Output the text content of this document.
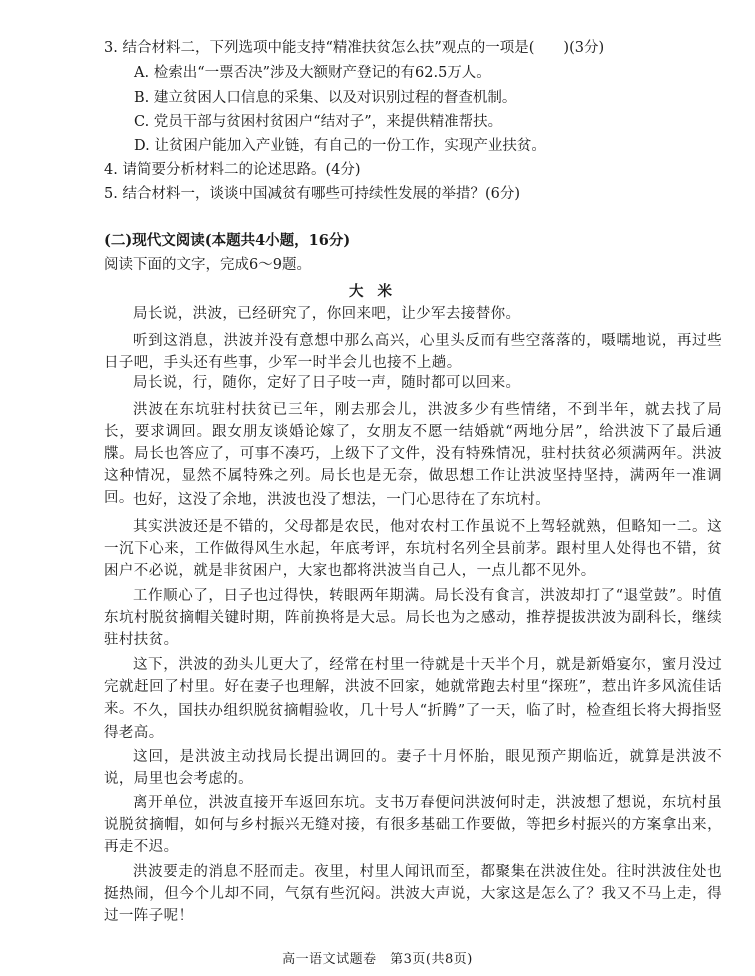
3. 结合材料二，下列选项中能支持“精准扶贫怎么扶”观点的一项是(　　)(3分)
A. 检索出“一票否决”涉及大额财产登记的有62.5万人。
B. 建立贫困人口信息的采集、以及对识别过程的督查机制。
C. 党员干部与贫困村贫困户“结对子”，来提供精准帮扶。
D. 让贫困户能加入产业链，有自己的一份工作，实现产业扶贫。
4. 请简要分析材料二的论述思路。(4分)
5. 结合材料一，谈谈中国减贫有哪些可持续性发展的举措？(6分)
(二)现代文阅读(本题共4小题，16分)
阅读下面的文字，完成6～9题。
大米
局长说，洪波，已经研究了，你回来吧，让少军去接替你。
听到这消息，洪波并没有意想中那么高兴，心里头反而有些空落落的，嗫嚅地说，再过些日子吧，手头还有些事，少军一时半会儿也接不上趟。
局长说，行，随你，定好了日子吱一声，随时都可以回来。
洪波在东坑驻村扶贫已三年，刚去那会儿，洪波多少有些情绪，不到半年，就去找了局长，要求调回。跟女朋友谈婚论嫁了，女朋友不愿一结婚就“两地分居”，给洪波下了最后通牒。局长也答应了，可事不凑巧，上级下了文件，没有特殊情况，驻村扶贫必须满两年。洪波这种情况，显然不属特殊之列。局长也是无奈，做思想工作让洪波坚持坚持，满两年一准调回。 也好，这没了余地，洪波也没了想法，一门心思待在了东坑村。
其实洪波还是不错的，父母都是农民，他对农村工作虽说不上驾轻就熟，但略知一二。这一沉下心来，工作做得风生水起，年底考评，东坑村名列全县前茅。跟村里人处得也不错，贫困户不必说，就是非贫困户，大家也都将洪波当自己人，一点儿都不见外。
工作顺心了，日子也过得快，转眼两年期满。局长没有食言，洪波却打了“退堂鼓”。时值东坑村脱贫摘帽关键时期，阵前换将是大忌。局长也为之感动，推荐提拔洪波为副科长，继续驻村扶贫。
这下，洪波的劲头儿更大了，经常在村里一待就是十天半个月，就是新婚宴尔，蜜月没过完就赶回了村里。好在妻子也理解，洪波不回家，她就常跑去村里“探班”，惹出许多风流佳话来。 不久，国扶办组织脱贫摘帽验收，几十号人“折腾”了一天，临了时，检查组长将大拇指竖得老高。
这回，是洪波主动找局长提出调回的。妻子十月怀胎，眼见预产期临近，就算是洪波不说，局里也会考虑的。
离开单位，洪波直接开车返回东坑。支书万春便问洪波何时走，洪波想了想说，东坑村虽说脱贫摘帽，如何与乡村振兴无缝对接，有很多基础工作要做，等把乡村振兴的方案拿出来，再走不迟。
洪波要走的消息不胫而走。夜里，村里人闻讯而至，都聚集在洪波住处。往时洪波住处也挺热闹，但今个儿却不同，气氛有些沉闷。洪波大声说，大家这是怎么了？我又不马上走，得过一阵子呢！
高一语文试题卷　第3页(共8页)
